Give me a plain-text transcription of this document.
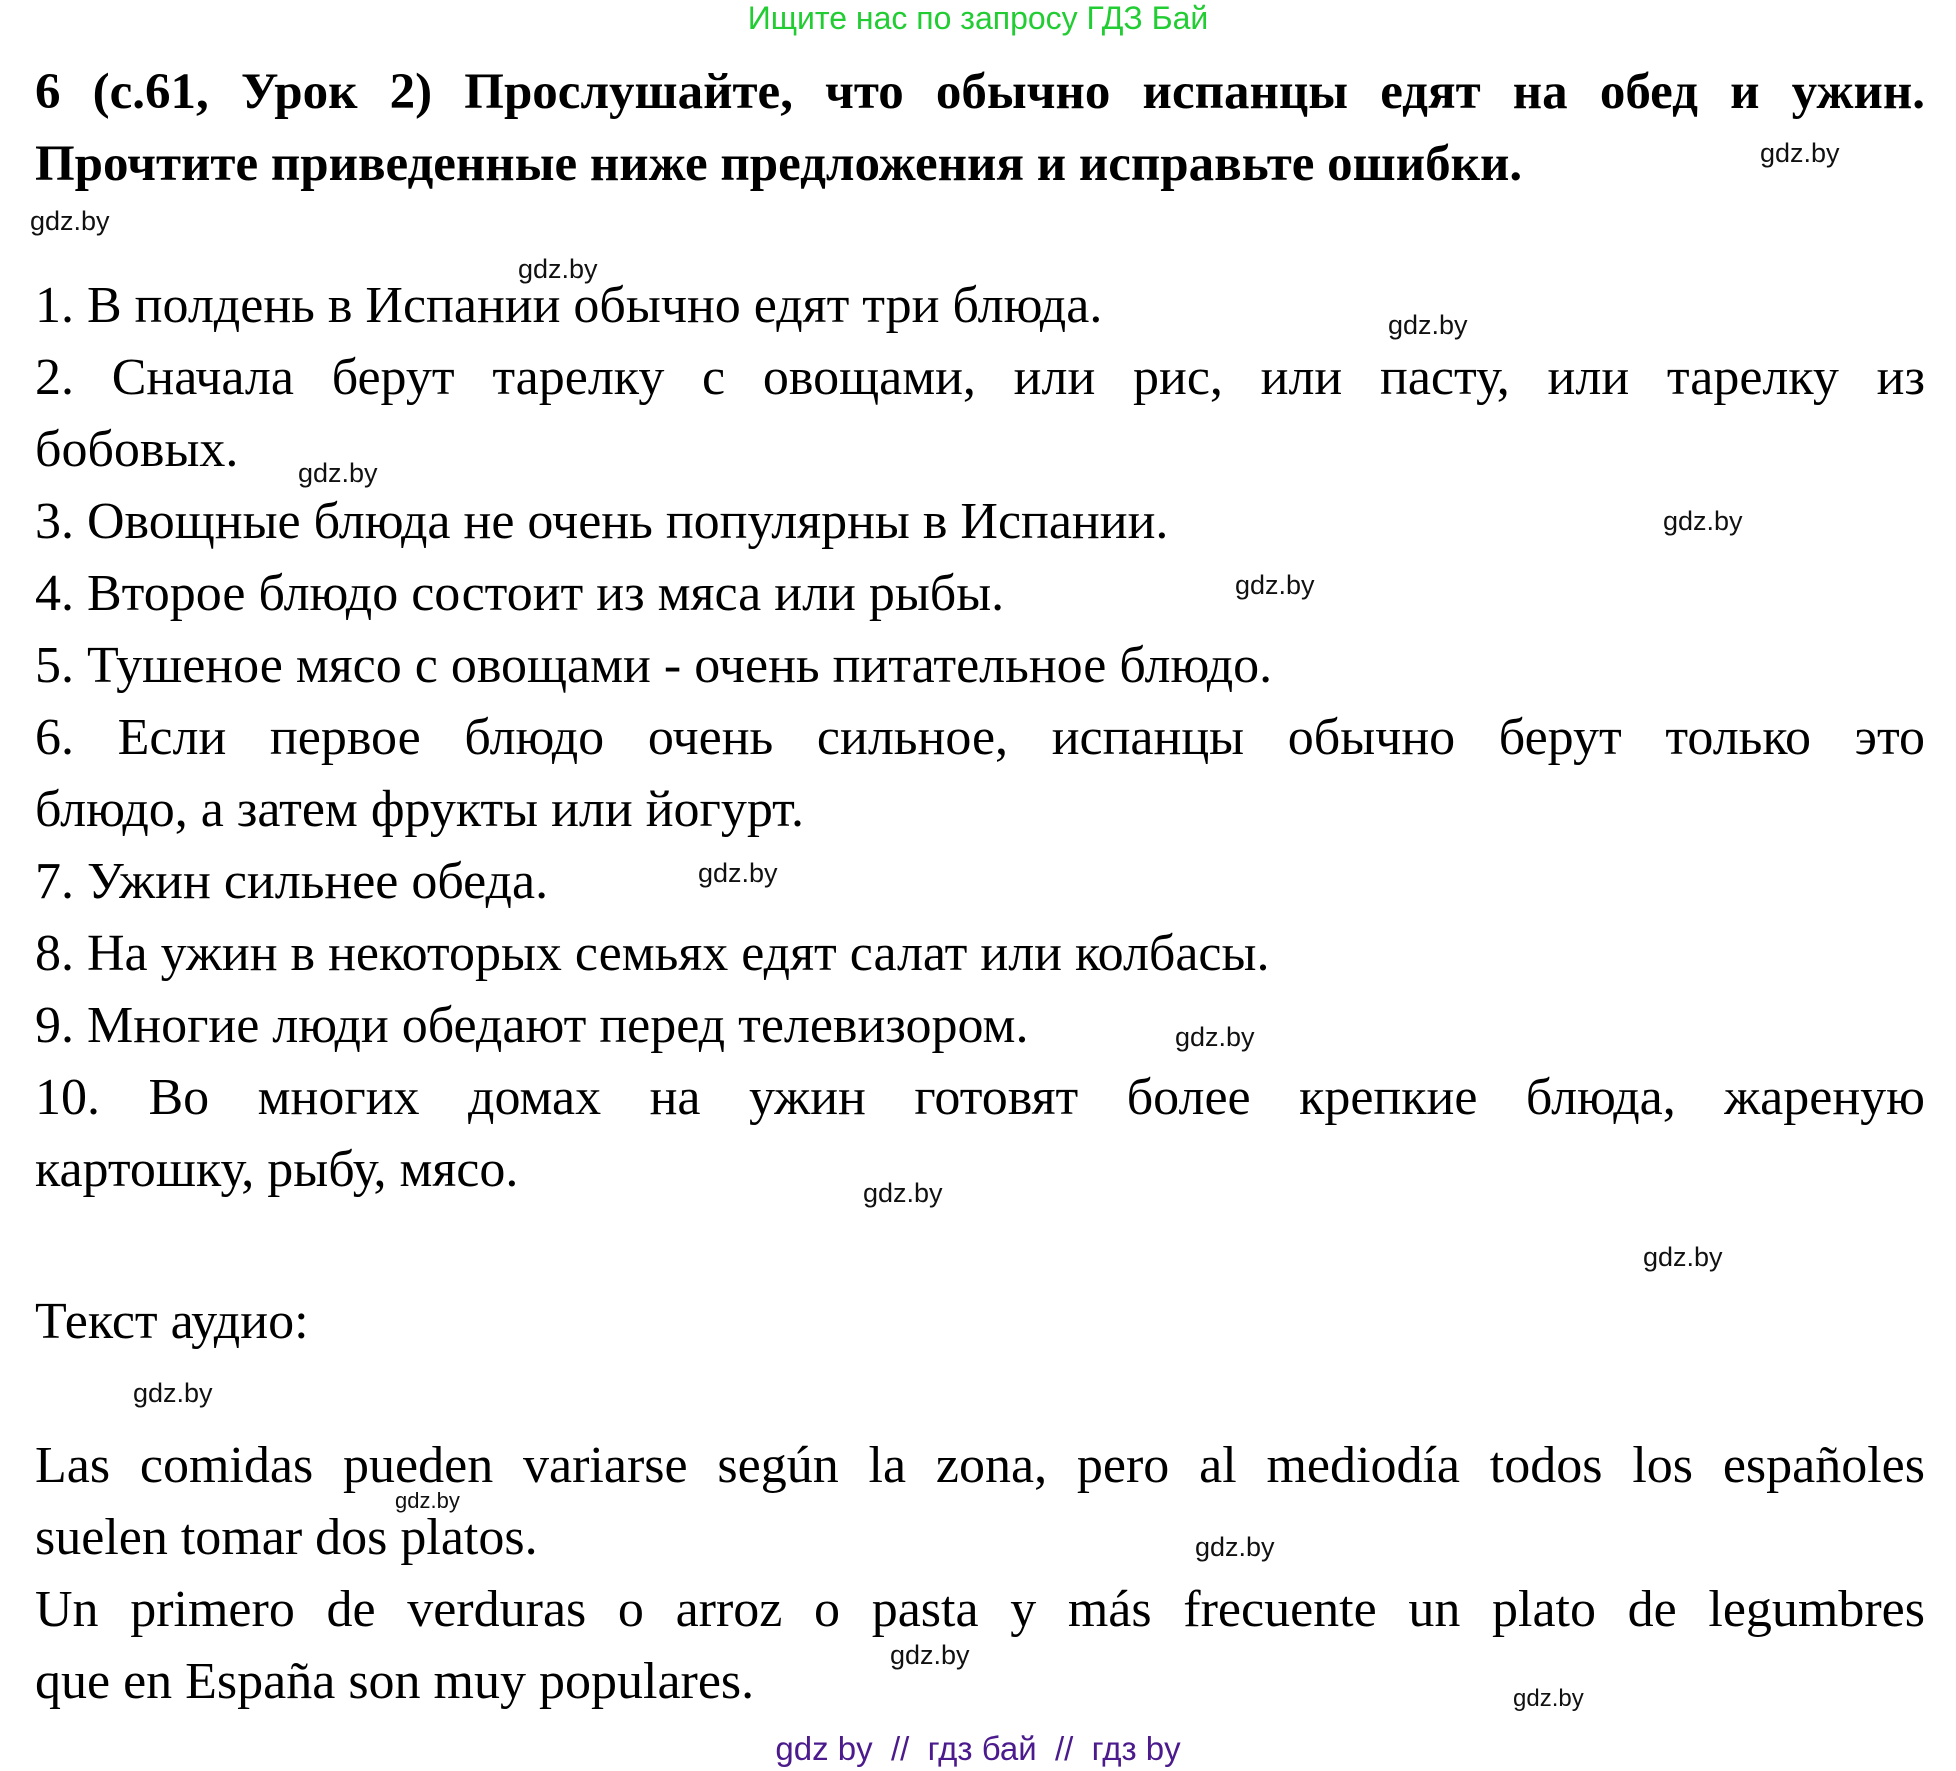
Ищите нас по запросу ГДЗ Бай
6 (с.61, Урок 2) Прослушайте, что обычно испанцы едят на обед и ужин.
Прочтите приведенные ниже предложения и исправьте ошибки.
1. В полдень в Испании обычно едят три блюда.
2. Сначала берут тарелку с овощами, или рис, или пасту, или тарелку из
бобовых.
3. Овощные блюда не очень популярны в Испании.
4. Второе блюдо состоит из мяса или рыбы.
5. Тушеное мясо с овощами - очень питательное блюдо.
6. Если первое блюдо очень сильное, испанцы обычно берут только это
блюдо, а затем фрукты или йогурт.
7. Ужин сильнее обеда.
8. На ужин в некоторых семьях едят салат или колбасы.
9. Многие люди обедают перед телевизором.
10. Во многих домах на ужин готовят более крепкие блюда, жареную
картошку, рыбу, мясо.
Текст аудио:
Las comidas pueden variarse según la zona, pero al mediodía todos los españoles
suelen tomar dos platos.
Un primero de verduras o arroz o pasta y más frecuente un plato de legumbres
que en España son muy populares.
gdz.by
gdz.by
gdz.by
gdz.by
gdz.by
gdz.by
gdz.by
gdz.by
gdz.by
gdz.by
gdz.by
gdz.by
gdz.by
gdz.by
gdz.by
gdz.by
gdz by  //  гдз бай  //  гдз by
